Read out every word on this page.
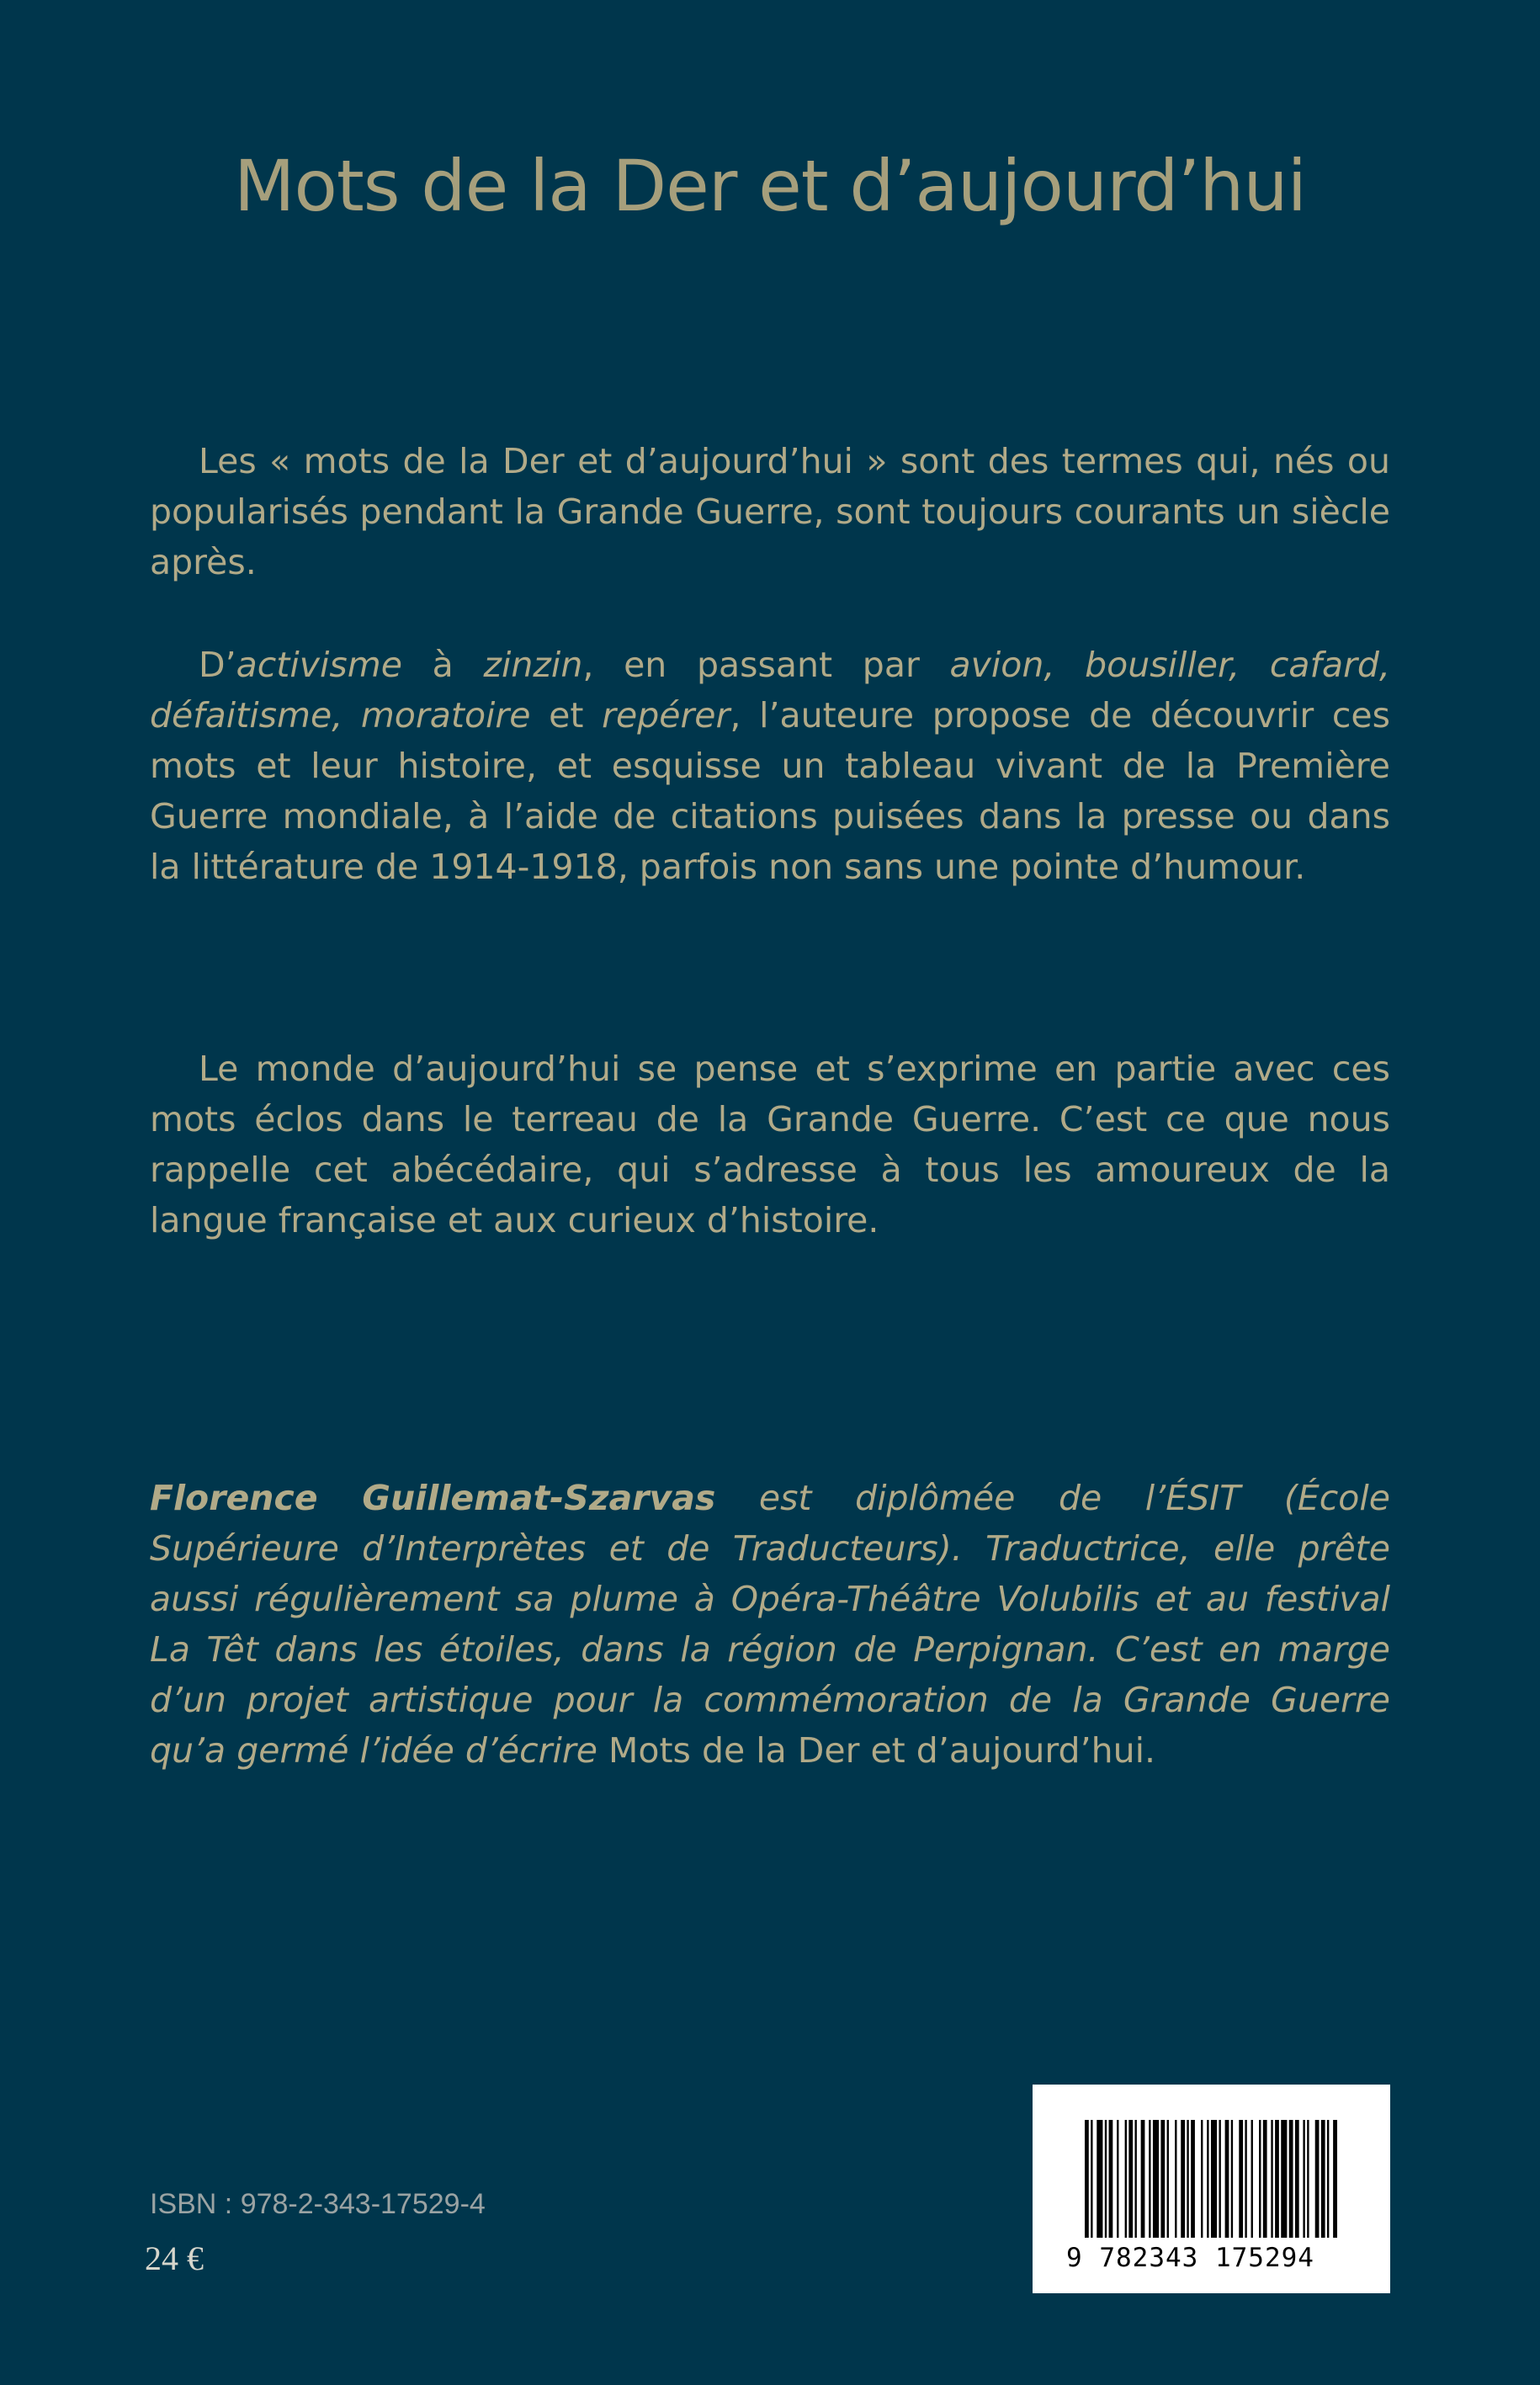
Mots de la Der et d’aujourd’hui

Les « mots de la Der et d’aujourd’hui » sont des termes qui, nés ou popularisés pendant la Grande Guerre, sont toujours courants un siècle après.

D’activisme à zinzin, en passant par avion, bousiller, cafard, défaitisme, moratoire et repérer, l’auteure propose de découvrir ces mots et leur histoire, et esquisse un tableau vivant de la Première Guerre mondiale, à l’aide de citations puisées dans la presse ou dans la littérature de 1914-1918, parfois non sans une pointe d’humour.

Le monde d’aujourd’hui se pense et s’exprime en partie avec ces mots éclos dans le terreau de la Grande Guerre. C’est ce que nous rappelle cet abécédaire, qui s’adresse à tous les amoureux de la langue française et aux curieux d’histoire.

Florence Guillemat-Szarvas est diplômée de l’ÉSIT (École Supérieure d’Interprètes et de Traducteurs). Traductrice, elle prête aussi régulièrement sa plume à Opéra-Théâtre Volubilis et au festival La Têt dans les étoiles, dans la région de Perpignan. C’est en marge d’un projet artistique pour la commémoration de la Grande Guerre qu’a germé l’idée d’écrire Mots de la Der et d’aujourd’hui.

ISBN : 978-2-343-17529-4
24 €	9 782343 175294
